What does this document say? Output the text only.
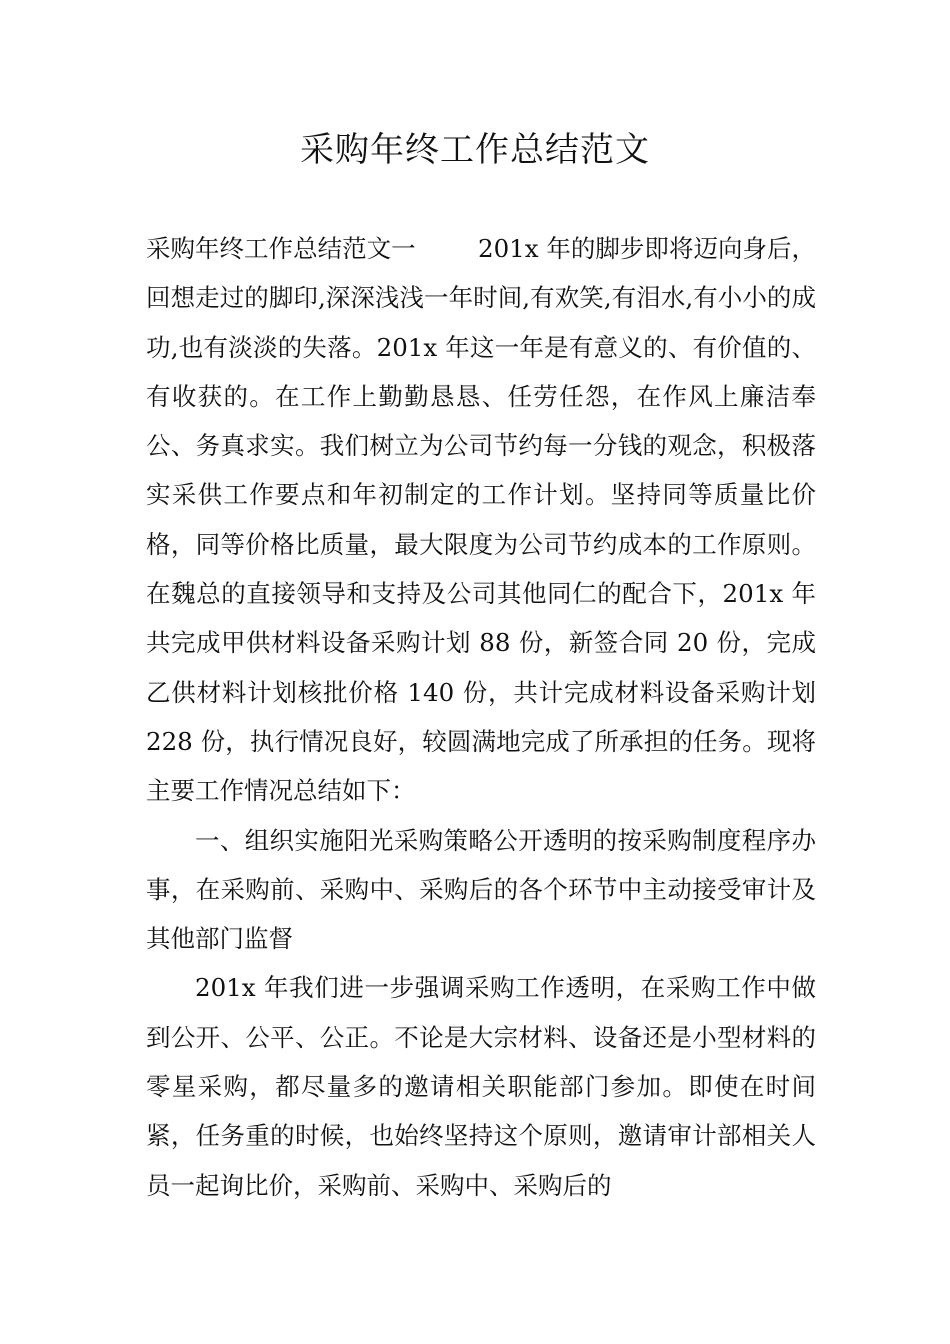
采购年终工作总结范文

采购年终工作总结范文一        201x 年的脚步即将迈向身后，回想走过的脚印,深深浅浅一年时间,有欢笑,有泪水,有小小的成功,也有淡淡的失落。201x 年这一年是有意义的、有价值的、有收获的。在工作上勤勤恳恳、任劳任怨，在作风上廉洁奉公、务真求实。我们树立为公司节约每一分钱的观念，积极落实采供工作要点和年初制定的工作计划。坚持同等质量比价格，同等价格比质量，最大限度为公司节约成本的工作原则。在魏总的直接领导和支持及公司其他同仁的配合下，201x 年共完成甲供材料设备采购计划 88 份，新签合同 20 份，完成乙供材料计划核批价格 140 份，共计完成材料设备采购计划 228 份，执行情况良好，较圆满地完成了所承担的任务。现将主要工作情况总结如下：

一、组织实施阳光采购策略公开透明的按采购制度程序办事，在采购前、采购中、采购后的各个环节中主动接受审计及其他部门监督

201x 年我们进一步强调采购工作透明，在采购工作中做到公开、公平、公正。不论是大宗材料、设备还是小型材料的零星采购，都尽量多的邀请相关职能部门参加。即使在时间紧，任务重的时候，也始终坚持这个原则，邀请审计部相关人员一起询比价，采购前、采购中、采购后的
